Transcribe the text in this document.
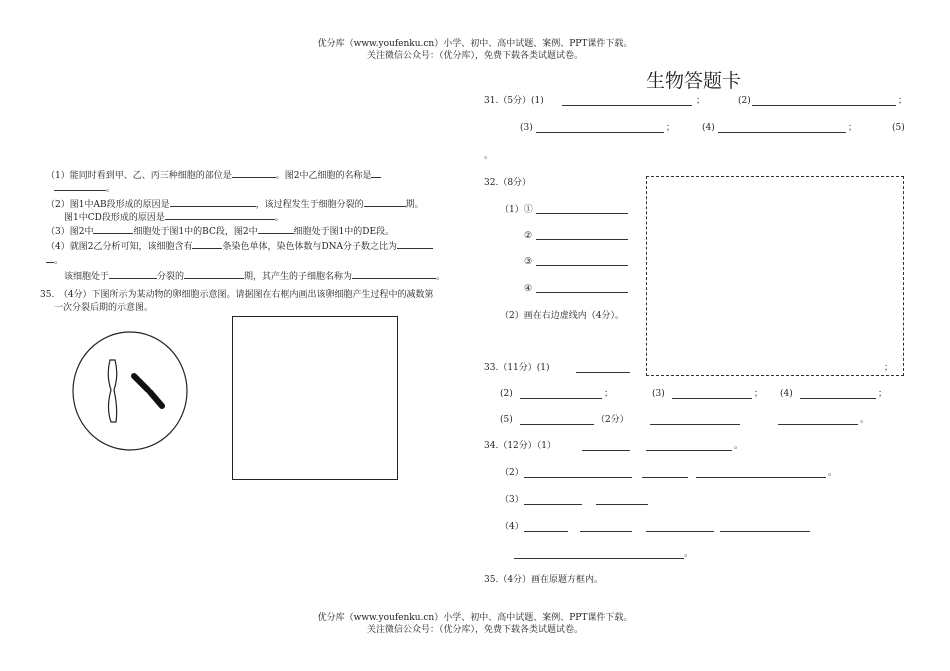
优分库（www.youfenku.cn）小学、初中、高中试题、案例、PPT课件下载。
关注微信公众号：（优分库），免费下载各类试题试卷。
（1）能同时看到甲、乙、丙三种细胞的部位是	。图2中乙细胞的名称是
。
（2）图1中AB段形成的原因是	，该过程发生于细胞分裂的	期。
图1中CD段形成的原因是	。
（3）图2中	细胞处于图1中的BC段，图2中	细胞处于图1中的DE段。
（4）就图2乙分析可知，该细胞含有	条染色单体，染色体数与DNA分子数之比为
。
该细胞处于	分裂的	期，其产生的子细胞名称为	。
35.　（4分）下图所示为某动物的卵细胞示意图。请据图在右框内画出该卵细胞产生过程中的减数第
一次分裂后期的示意图。
生物答题卡
31.（5分）(1)	；	(2)	；
(3)	；	(4)	；	(5)
。
32.（8分）
（1）①
②
③
④
（2）画在右边虚线内（4分）。
33.（11分）(1)	；
(2)	；	(3)	； (4)	；
(5)	（2分）	。
34.（12分）（1）	。
（2）	。
（3）
（4）
。
35.（4分）画在原题方框内。
优分库（www.youfenku.cn）小学、初中、高中试题、案例、PPT课件下载。
关注微信公众号：（优分库），免费下载各类试题试卷。
